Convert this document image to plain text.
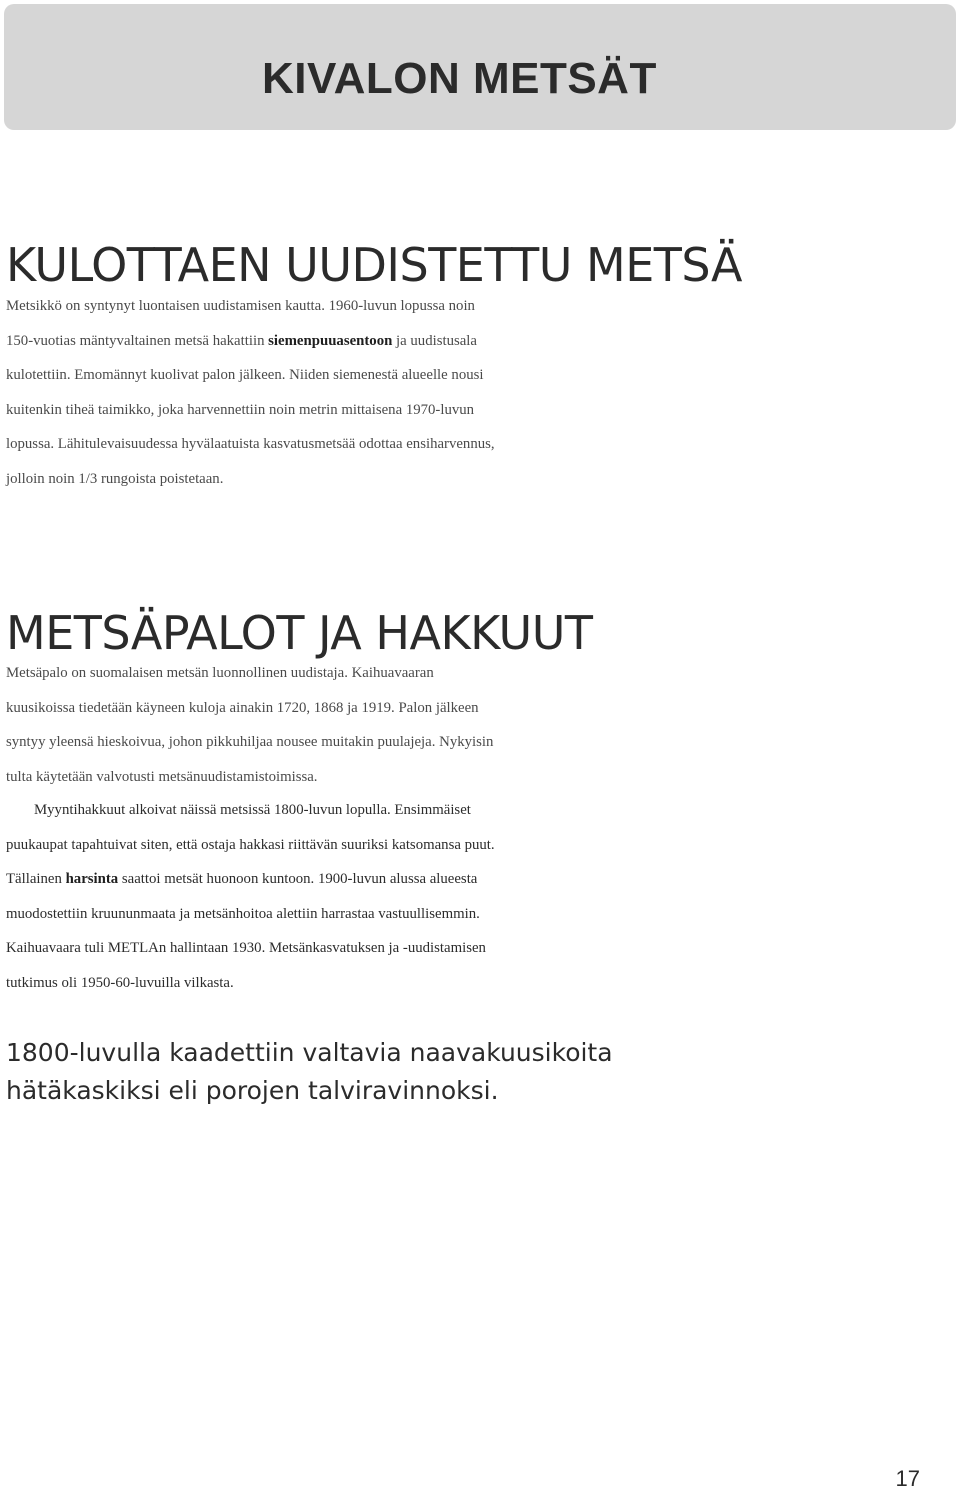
KIVALON METSÄT
KULOTTAEN UUDISTETTU METSÄ
Metsikkö on syntynyt luontaisen uudistamisen kautta. 1960-luvun lopussa noin
150-vuotias mäntyvaltainen metsä hakattiin siemenpuuasentoon ja uudistusala
kulotettiin. Emomännyt kuolivat palon jälkeen. Niiden siemenestä alueelle nousi
kuitenkin tiheä taimikko, joka harvennettiin noin metrin mittaisena 1970-luvun
lopussa. Lähitulevaisuudessa hyvälaatuista kasvatusmetsää odottaa ensiharvennus,
jolloin noin 1/3 rungoista poistetaan.
METSÄPALOT JA HAKKUUT
Metsäpalo on suomalaisen metsän luonnollinen uudistaja. Kaihuavaaran
kuusikoissa tiedetään käyneen kuloja ainakin 1720, 1868 ja 1919. Palon jälkeen
syntyy yleensä hieskoivua, johon pikkuhiljaa nousee muitakin puulajeja. Nykyisin
tulta käytetään valvotusti metsänuudistamistoimissa.
Myyntihakkuut alkoivat näissä metsissä 1800-luvun lopulla. Ensimmäiset
puukaupat tapahtuivat siten, että ostaja hakkasi riittävän suuriksi katsomansa puut.
Tällainen harsinta saattoi metsät huonoon kuntoon. 1900-luvun alussa alueesta
muodostettiin kruununmaata ja metsänhoitoa alettiin harrastaa vastuullisemmin.
Kaihuavaara tuli METLAn hallintaan 1930. Metsänkasvatuksen ja -uudistamisen
tutkimus oli 1950-60-luvuilla vilkasta.
1800-luvulla kaadettiin valtavia naavakuusikoita
hätäkaskiksi eli porojen talviravinnoksi.

17
